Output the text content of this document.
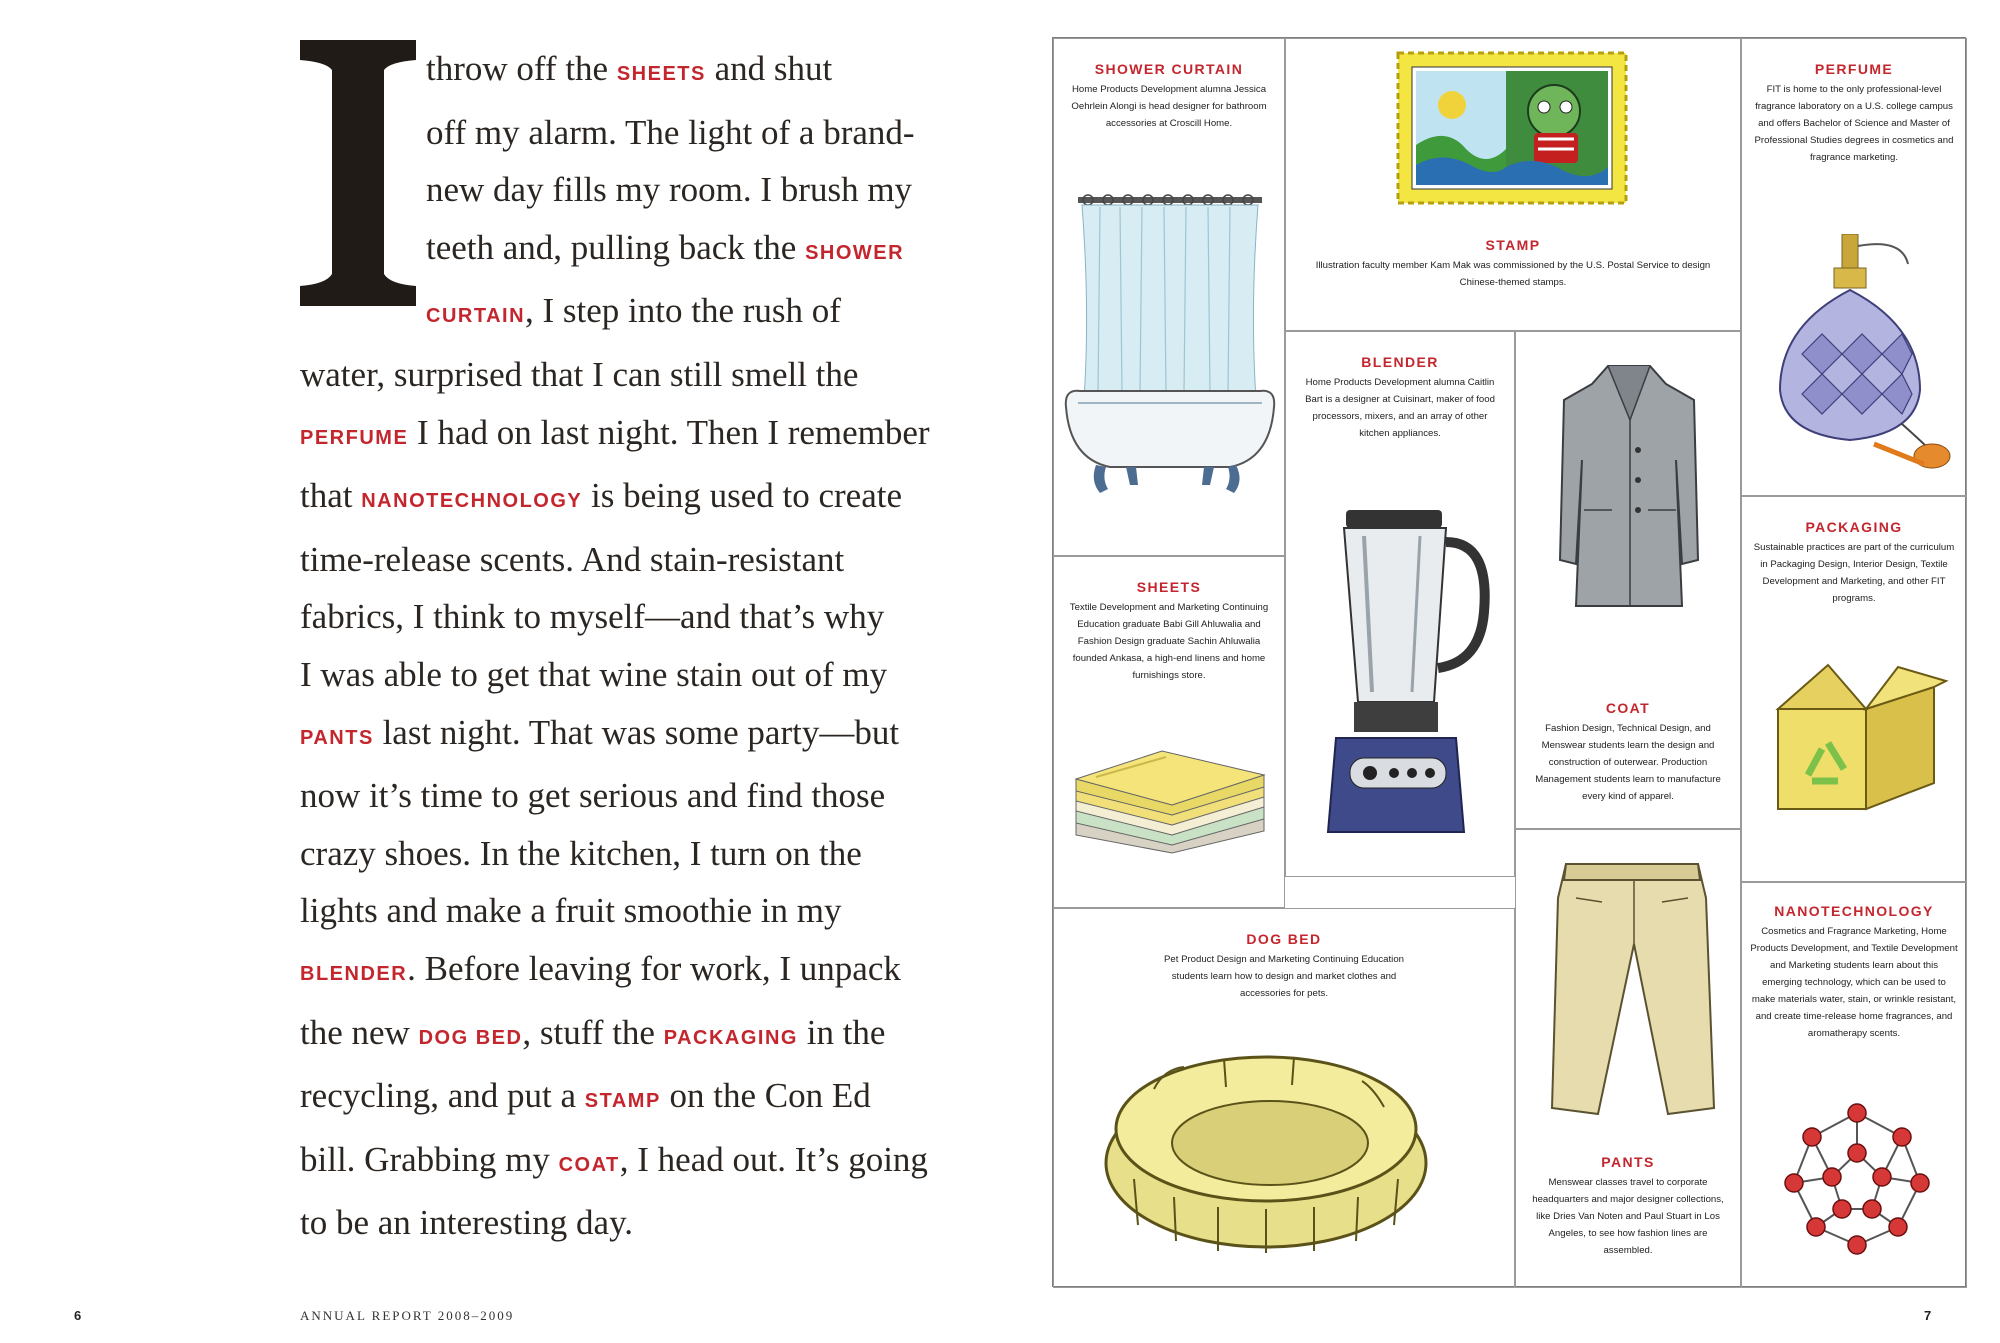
throw off the SHEETS and shut
off my alarm. The light of a brand-
new day fills my room. I brush my
teeth and, pulling back the SHOWER
CURTAIN, I step into the rush of
water, surprised that I can still smell the
PERFUME I had on last night. Then I remember
that NANOTECHNOLOGY is being used to create
time-release scents. And stain-resistant
fabrics, I think to myself—and that’s why
I was able to get that wine stain out of my
PANTS last night. That was some party—but
now it’s time to get serious and find those
crazy shoes. In the kitchen, I turn on the
lights and make a fruit smoothie in my
BLENDER. Before leaving for work, I unpack
the new DOG BED, stuff the PACKAGING in the
recycling, and put a STAMP on the Con Ed
bill. Grabbing my COAT, I head out. It’s going
to be an interesting day.
6	ANNUAL REPORT 2008–2009
SHOWER CURTAIN

Home Products Development alumna Jessica Oehrlein Alongi is head designer for bathroom accessories at Croscill Home.

STAMP

Illustration faculty member Kam Mak was commissioned by the U.S. Postal Service to design Chinese-themed stamps.

PERFUME

FIT is home to the only professional-level fragrance laboratory on a U.S. college campus and offers Bachelor of Science and Master of Professional Studies degrees in cosmetics and fragrance marketing.

BLENDER

Home Products Development alumna Caitlin Bart is a designer at Cuisinart, maker of food processors, mixers, and an array of other kitchen appliances.

SHEETS

Textile Development and Marketing Continuing Education graduate Babi Gill Ahluwalia and Fashion Design graduate Sachin Ahluwalia founded Ankasa, a high-end linens and home furnishings store.

COAT

Fashion Design, Technical Design, and Menswear students learn the design and construction of outerwear. Production Management students learn to manufacture every kind of apparel.

PACKAGING

Sustainable practices are part of the curriculum in Packaging Design, Interior Design, Textile Development and Marketing, and other FIT programs.

DOG BED

Pet Product Design and Marketing Continuing Education students learn how to design and market clothes and accessories for pets.

PANTS

Menswear classes travel to corporate headquarters and major designer collections, like Dries Van Noten and Paul Stuart in Los Angeles, to see how fashion lines are assembled.

NANOTECHNOLOGY

Cosmetics and Fragrance Marketing, Home Products Development, and Textile Development and Marketing students learn about this emerging technology, which can be used to make materials water, stain, or wrinkle resistant, and create time-release home fragrances, and aromatherapy scents.

7
